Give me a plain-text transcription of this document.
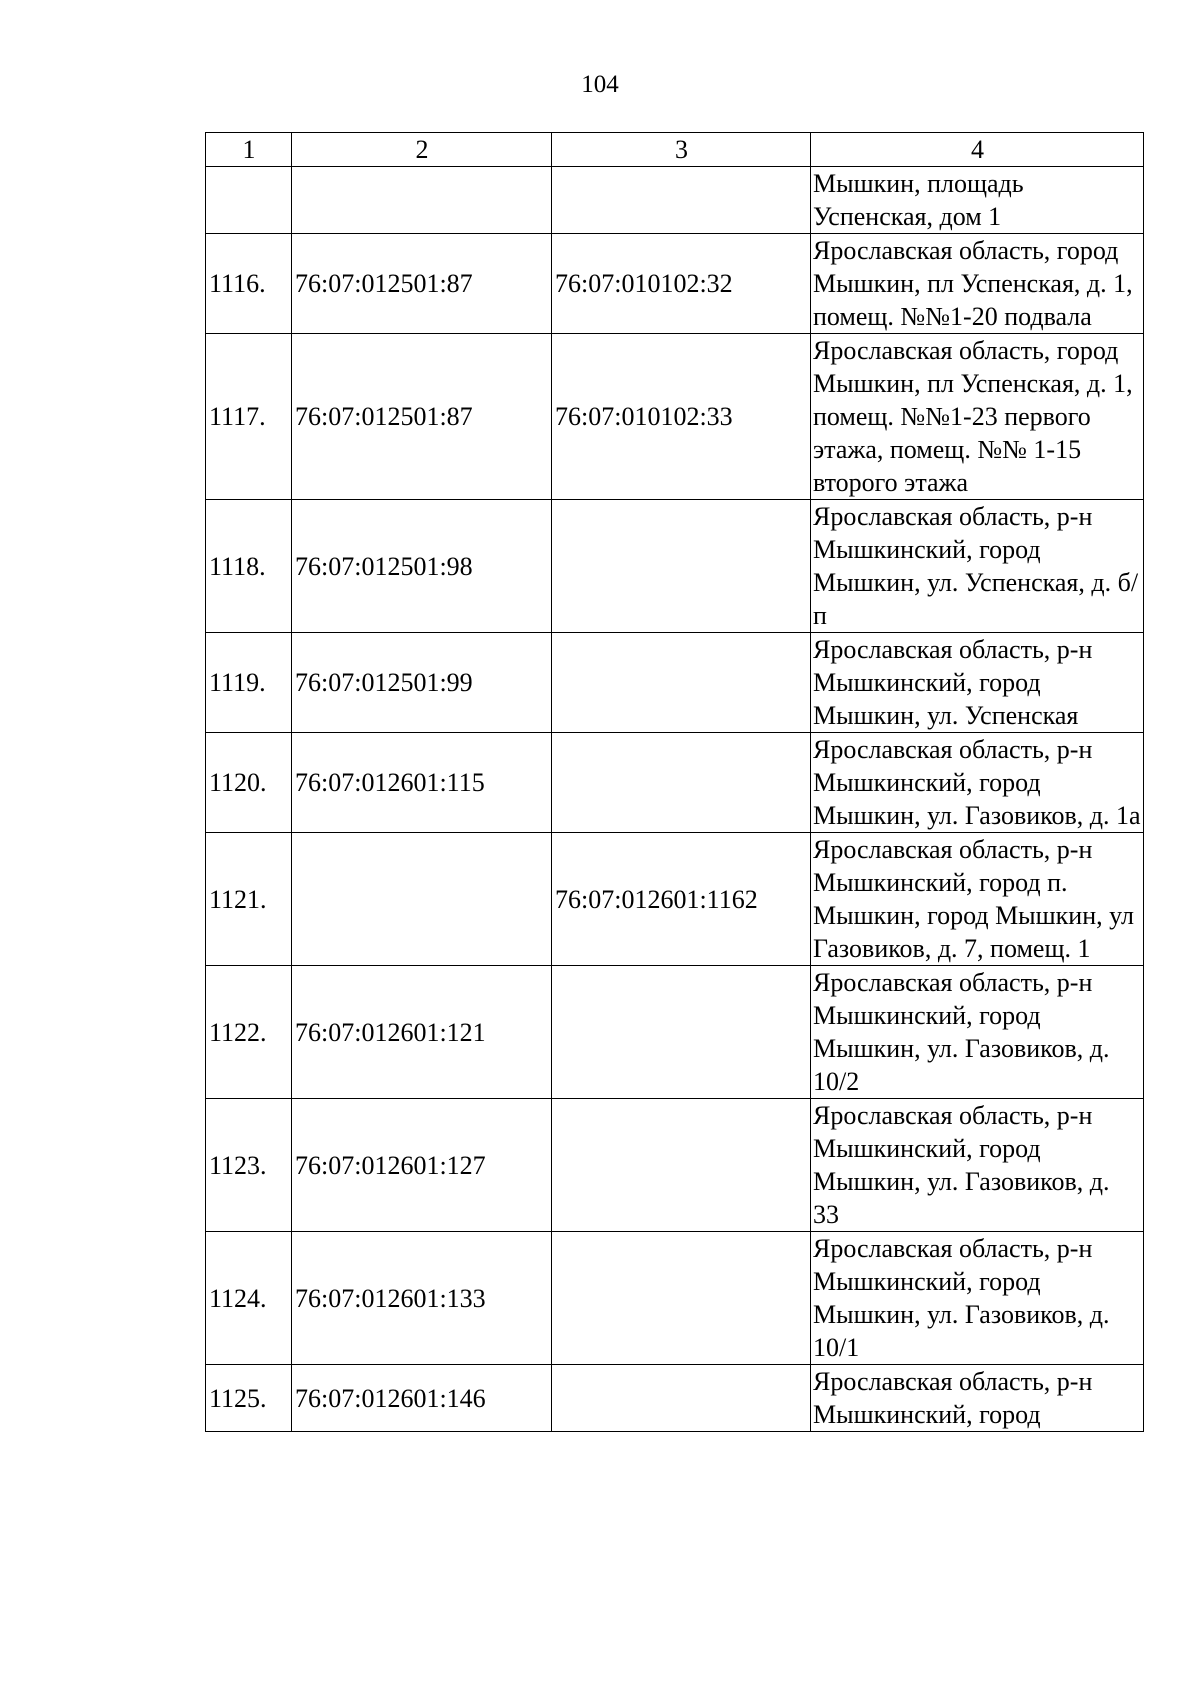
104
1	2	3	4
			Мышкин, площадь Успенская, дом 1
1116.	76:07:012501:87	76:07:010102:32	Ярославская область, город Мышкин, пл Успенская, д. 1, помещ. №№1-20 подвала
1117.	76:07:012501:87	76:07:010102:33	Ярославская область, город Мышкин, пл Успенская, д. 1, помещ. №№1-23 первого этажа, помещ. №№ 1-15 второго этажа
1118.	76:07:012501:98		Ярославская область, р-н Мышкинский, город Мышкин, ул. Успенская, д. б/п
1119.	76:07:012501:99		Ярославская область, р-н Мышкинский, город Мышкин, ул. Успенская
1120.	76:07:012601:115		Ярославская область, р-н Мышкинский, город Мышкин, ул. Газовиков, д. 1а
1121.		76:07:012601:1162	Ярославская область, р-н Мышкинский, город п. Мышкин, город Мышкин, ул Газовиков, д. 7, помещ. 1
1122.	76:07:012601:121		Ярославская область, р-н Мышкинский, город Мышкин, ул. Газовиков, д. 10/2
1123.	76:07:012601:127		Ярославская область, р-н Мышкинский, город Мышкин, ул. Газовиков, д. 33
1124.	76:07:012601:133		Ярославская область, р-н Мышкинский, город Мышкин, ул. Газовиков, д. 10/1
1125.	76:07:012601:146		Ярославская область, р-н Мышкинский, город
